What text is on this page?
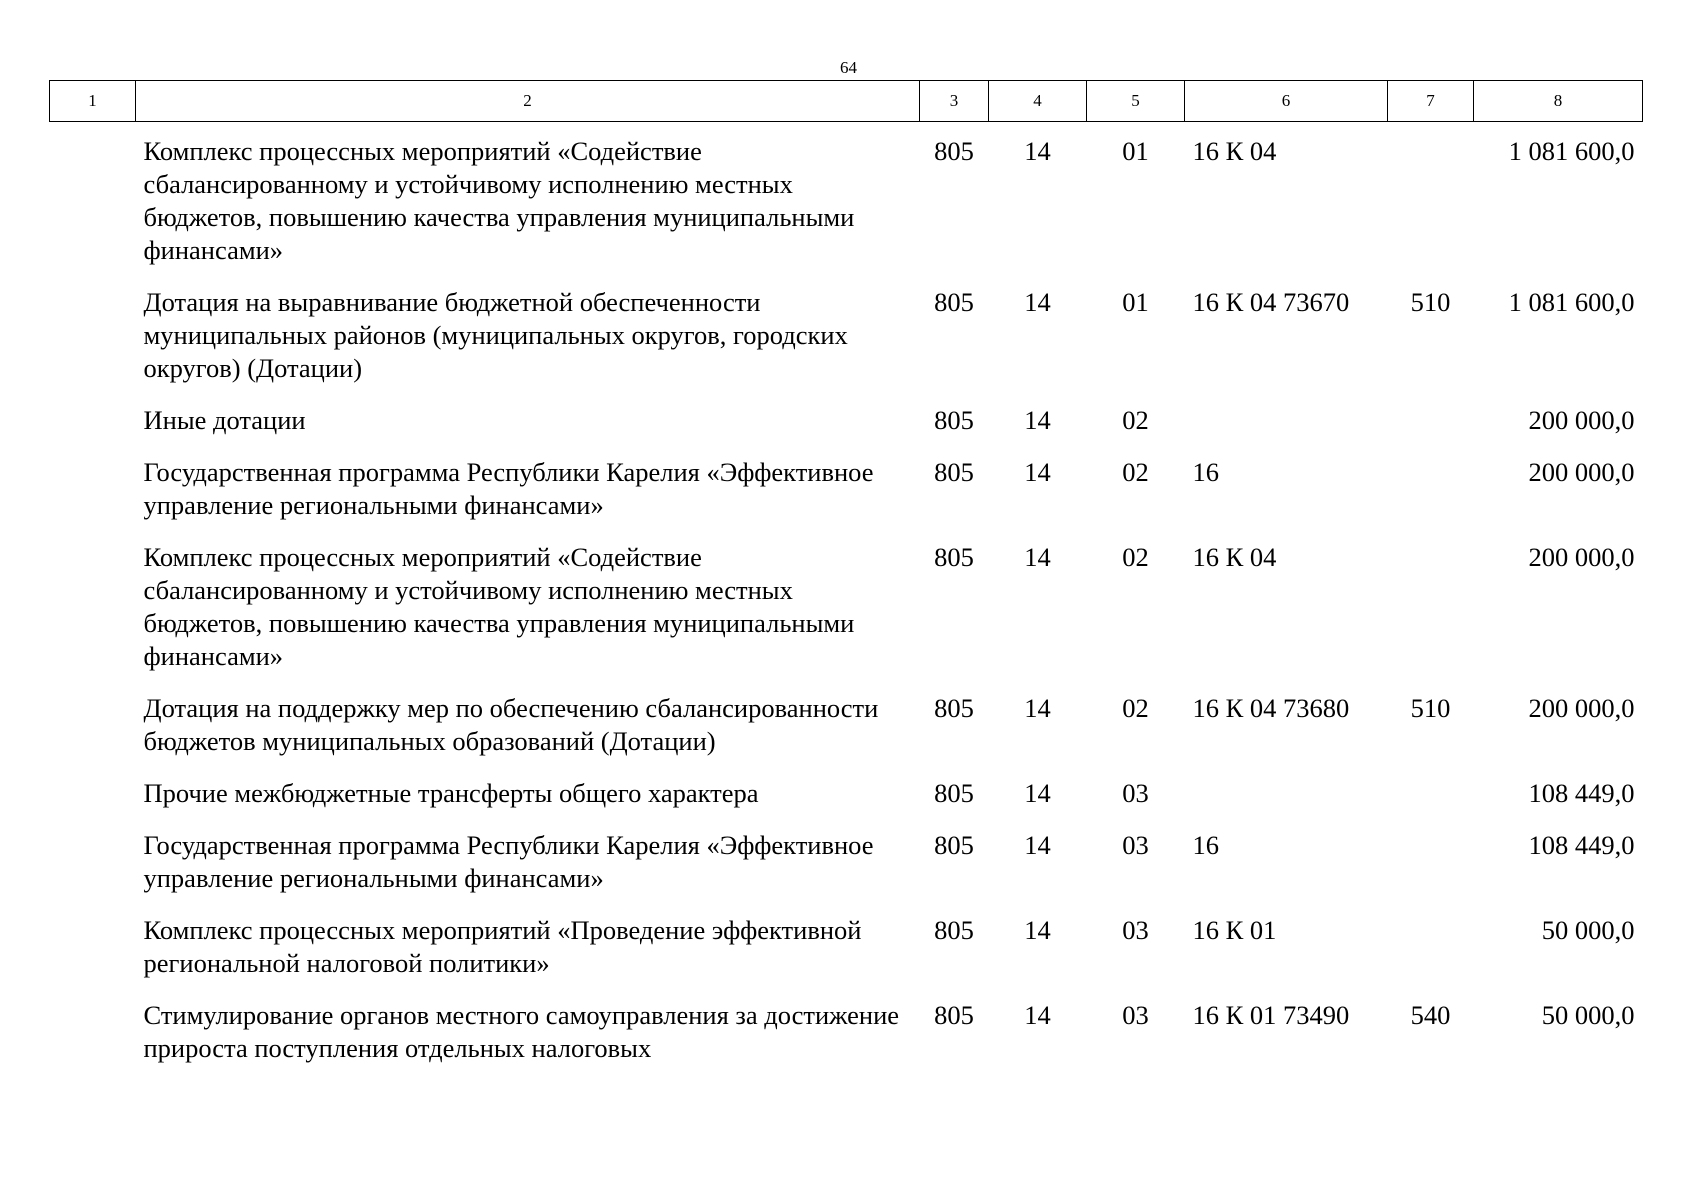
64
1	2	3	4	5	6	7	8
	Комплекс процессных мероприятий «Содействие сбалансированному и устойчивому исполнению местных бюджетов, повышению качества управления муниципальными финансами»	805	14	01	16 К 04		1 081 600,0
	Дотация на выравнивание бюджетной обеспеченности муниципальных районов (муниципальных округов, городских округов) (Дотации)	805	14	01	16 К 04 73670	510	1 081 600,0
	Иные дотации	805	14	02			200 000,0
	Государственная программа Республики Карелия «Эффективное управление региональными финансами»	805	14	02	16		200 000,0
	Комплекс процессных мероприятий «Содействие сбалансированному и устойчивому исполнению местных бюджетов, повышению качества управления муниципальными финансами»	805	14	02	16 К 04		200 000,0
	Дотация на поддержку мер по обеспечению сбалансированности бюджетов муниципальных образований (Дотации)	805	14	02	16 К 04 73680	510	200 000,0
	Прочие межбюджетные трансферты общего характера	805	14	03			108 449,0
	Государственная программа Республики Карелия «Эффективное управление региональными финансами»	805	14	03	16		108 449,0
	Комплекс процессных мероприятий «Проведение эффективной региональной налоговой политики»	805	14	03	16 К 01		50 000,0
	Стимулирование органов местного самоуправления за достижение прироста поступления отдельных налоговых	805	14	03	16 К 01 73490	540	50 000,0
